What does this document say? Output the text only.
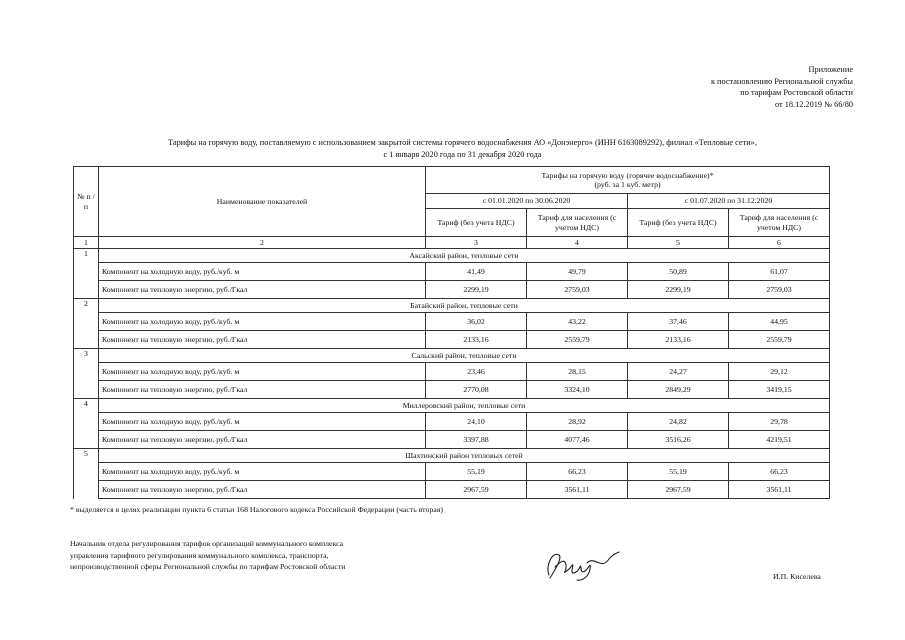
Приложение
к постановлению Региональной службы
по тарифам Ростовской области
от 18.12.2019 № 66/80
Тарифы на горячую воду, поставляемую с использованием закрытой системы горячего водоснабжения АО «Донэнерго» (ИНН 6163089292), филиал «Тепловые сети»,
с 1 января 2020 года по 31 декабря 2020 года
№ п /п	Наименование показателей	Тарифы на горячую воду (горячее водоснабжение)*
(руб. за 1 куб. метр)			

		с 01.01.2020 по 30.06.2020		с 01.07.2020 по 31.12.2020	
		Тариф (без учета НДС)	Тариф для населения (с учетом НДС)	Тариф (без учета НДС)	Тариф для населения (с учетом НДС)
1	2	3	4	5	6
1	Аксайский район, тепловые сети				
	Компонент на холодную воду, руб./куб. м	41,49	49,79	50,89	61,07
	Компонент на тепловую энергию, руб./Гкал	2299,19	2759,03	2299,19	2759,03
2	Батайский район, тепловые сети				
	Компонент на холодную воду, руб./куб. м	36,02	43,22	37,46	44,95
	Компонент на тепловую энергию, руб./Гкал	2133,16	2559,79	2133,16	2559,79
3	Сальский район, тепловые сети				
	Компонент на холодную воду, руб./куб. м	23,46	28,15	24,27	29,12
	Компонент на тепловую энергию, руб./Гкал	2770,08	3324,10	2849,29	3419,15
4	Миллеровский район, тепловые сети				
	Компонент на холодную воду, руб./куб. м	24,10	28,92	24,82	29,78
	Компонент на тепловую энергию, руб./Гкал	3397,88	4077,46	3516,26	4219,51
5	Шахтинский район тепловых сетей				
	Компонент на холодную воду, руб./куб. м	55,19	66,23	55,19	66,23
	Компонент на тепловую энергию, руб./Гкал	2967,59	3561,11	2967,59	3561,11
* выделяется в целях реализации пункта 6 статьи 168 Налогового кодекса Российской Федерации (часть вторая)
Начальник отдела регулирования тарифов организаций коммунального комплекса
управления тарифного регулирования коммунального комплекса, транспорта,
непроизводственной сферы Региональной службы по тарифам Ростовской области
И.П. Киселева
